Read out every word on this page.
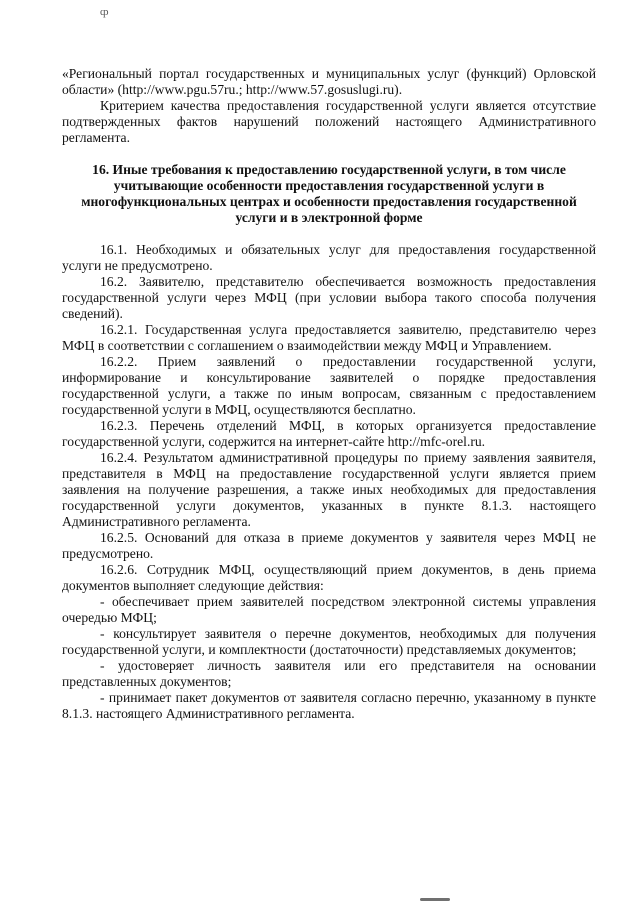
ȹ

«Региональный портал государственных и муниципальных услуг (функций) Орловской области» (http://www.pgu.57ru.; http://www.57.gosuslugi.ru).

Критерием качества предоставления государственной услуги является отсутствие подтвержденных фактов нарушений положений настоящего Административного регламента.

16. Иные требования к предоставлению государственной услуги, в том числе учитывающие особенности предоставления государственной услуги в многофункциональных центрах и особенности предоставления государственной услуги и в электронной форме

16.1. Необходимых и обязательных услуг для предоставления государственной услуги не предусмотрено.

16.2. Заявителю, представителю обеспечивается возможность предоставления государственной услуги через МФЦ (при условии выбора такого способа получения сведений).

16.2.1. Государственная услуга предоставляется заявителю, представителю через МФЦ в соответствии с соглашением о взаимодействии между МФЦ и Управлением.

16.2.2. Прием заявлений о предоставлении государственной услуги, информирование и консультирование заявителей о порядке предоставления государственной услуги, а также по иным вопросам, связанным с предоставлением государственной услуги в МФЦ, осуществляются бесплатно.

16.2.3. Перечень отделений МФЦ, в которых организуется предоставление государственной услуги, содержится на интернет-сайте http://mfc-orel.ru.

16.2.4. Результатом административной процедуры по приему заявления заявителя, представителя в МФЦ на предоставление государственной услуги является прием заявления на получение разрешения, а также иных необходимых для предоставления государственной услуги документов, указанных в пункте 8.1.3. настоящего Административного регламента.

16.2.5. Оснований для отказа в приеме документов у заявителя через МФЦ не предусмотрено.

16.2.6. Сотрудник МФЦ, осуществляющий прием документов, в день приема документов выполняет следующие действия:

- обеспечивает прием заявителей посредством электронной системы управления очередью МФЦ;

- консультирует заявителя о перечне документов, необходимых для получения государственной услуги, и комплектности (достаточности) представляемых документов;

- удостоверяет личность заявителя или его представителя на основании представленных документов;

- принимает пакет документов от заявителя согласно перечню, указанному в пункте 8.1.3. настоящего Административного регламента.
